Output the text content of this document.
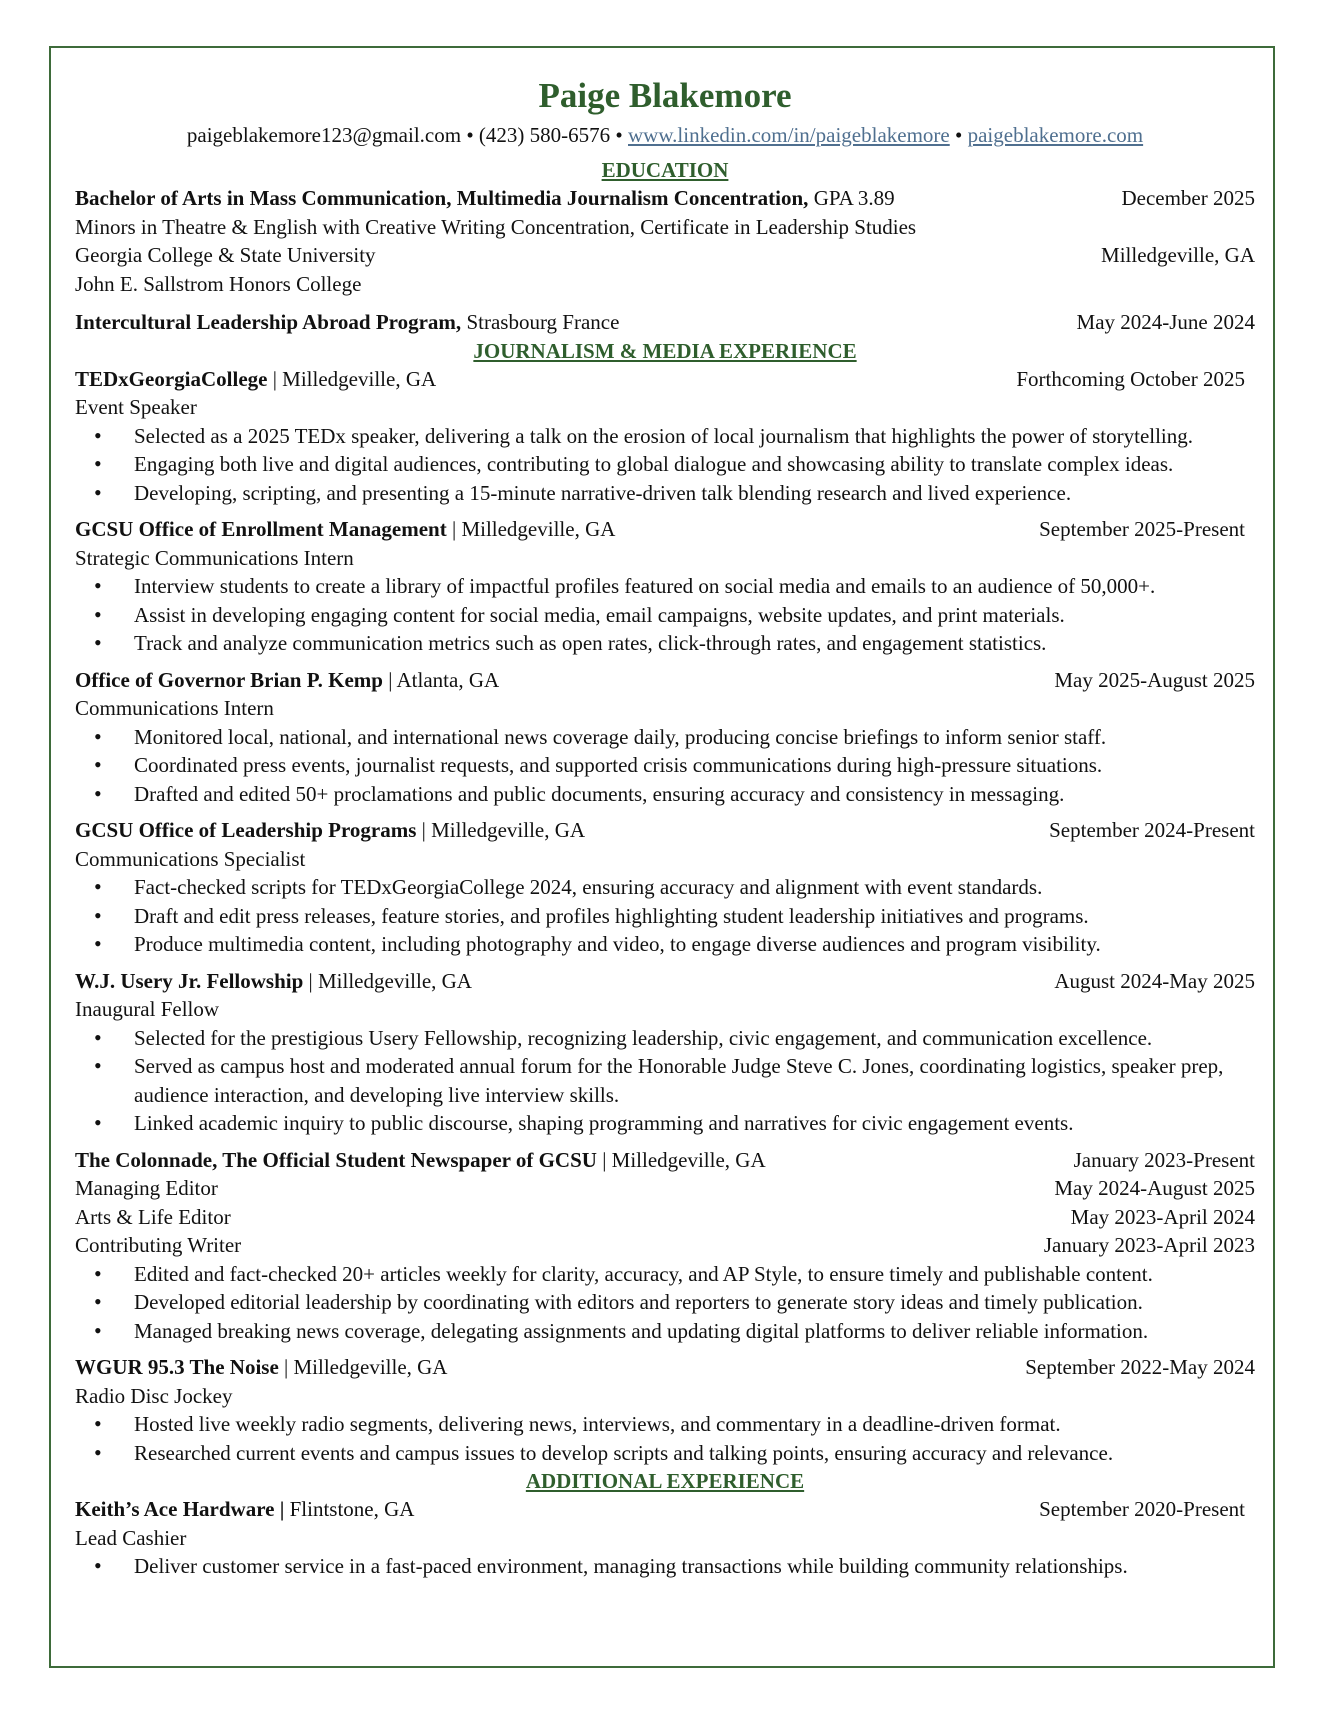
Paige Blakemore
paigeblakemore123@gmail.com • (423) 580-6576 • www.linkedin.com/in/paigeblakemore • paigeblakemore.com
EDUCATION
Bachelor of Arts in Mass Communication, Multimedia Journalism Concentration, GPA 3.89	December 2025
Minors in Theatre & English with Creative Writing Concentration, Certificate in Leadership Studies
Georgia College & State University	Milledgeville, GA
John E. Sallstrom Honors College
Intercultural Leadership Abroad Program, Strasbourg France	May 2024-June 2024
JOURNALISM & MEDIA EXPERIENCE
TEDxGeorgiaCollege | Milledgeville, GA	Forthcoming October 2025
Event Speaker
• Selected as a 2025 TEDx speaker, delivering a talk on the erosion of local journalism that highlights the power of storytelling.
• Engaging both live and digital audiences, contributing to global dialogue and showcasing ability to translate complex ideas.
• Developing, scripting, and presenting a 15-minute narrative-driven talk blending research and lived experience.
GCSU Office of Enrollment Management | Milledgeville, GA	September 2025-Present
Strategic Communications Intern
• Interview students to create a library of impactful profiles featured on social media and emails to an audience of 50,000+.
• Assist in developing engaging content for social media, email campaigns, website updates, and print materials.
• Track and analyze communication metrics such as open rates, click-through rates, and engagement statistics.
Office of Governor Brian P. Kemp | Atlanta, GA	May 2025-August 2025
Communications Intern
• Monitored local, national, and international news coverage daily, producing concise briefings to inform senior staff.
• Coordinated press events, journalist requests, and supported crisis communications during high-pressure situations.
• Drafted and edited 50+ proclamations and public documents, ensuring accuracy and consistency in messaging.
GCSU Office of Leadership Programs | Milledgeville, GA	September 2024-Present
Communications Specialist
• Fact-checked scripts for TEDxGeorgiaCollege 2024, ensuring accuracy and alignment with event standards.
• Draft and edit press releases, feature stories, and profiles highlighting student leadership initiatives and programs.
• Produce multimedia content, including photography and video, to engage diverse audiences and program visibility.
W.J. Usery Jr. Fellowship | Milledgeville, GA	August 2024-May 2025
Inaugural Fellow
• Selected for the prestigious Usery Fellowship, recognizing leadership, civic engagement, and communication excellence.
• Served as campus host and moderated annual forum for the Honorable Judge Steve C. Jones, coordinating logistics, speaker prep, audience interaction, and developing live interview skills.
• Linked academic inquiry to public discourse, shaping programming and narratives for civic engagement events.
The Colonnade, The Official Student Newspaper of GCSU | Milledgeville, GA	January 2023-Present
Managing Editor	May 2024-August 2025
Arts & Life Editor	May 2023-April 2024
Contributing Writer	January 2023-April 2023
• Edited and fact-checked 20+ articles weekly for clarity, accuracy, and AP Style, to ensure timely and publishable content.
• Developed editorial leadership by coordinating with editors and reporters to generate story ideas and timely publication.
• Managed breaking news coverage, delegating assignments and updating digital platforms to deliver reliable information.
WGUR 95.3 The Noise | Milledgeville, GA	September 2022-May 2024
Radio Disc Jockey
• Hosted live weekly radio segments, delivering news, interviews, and commentary in a deadline-driven format.
• Researched current events and campus issues to develop scripts and talking points, ensuring accuracy and relevance.
ADDITIONAL EXPERIENCE
Keith’s Ace Hardware | Flintstone, GA	September 2020-Present
Lead Cashier
• Deliver customer service in a fast-paced environment, managing transactions while building community relationships.
